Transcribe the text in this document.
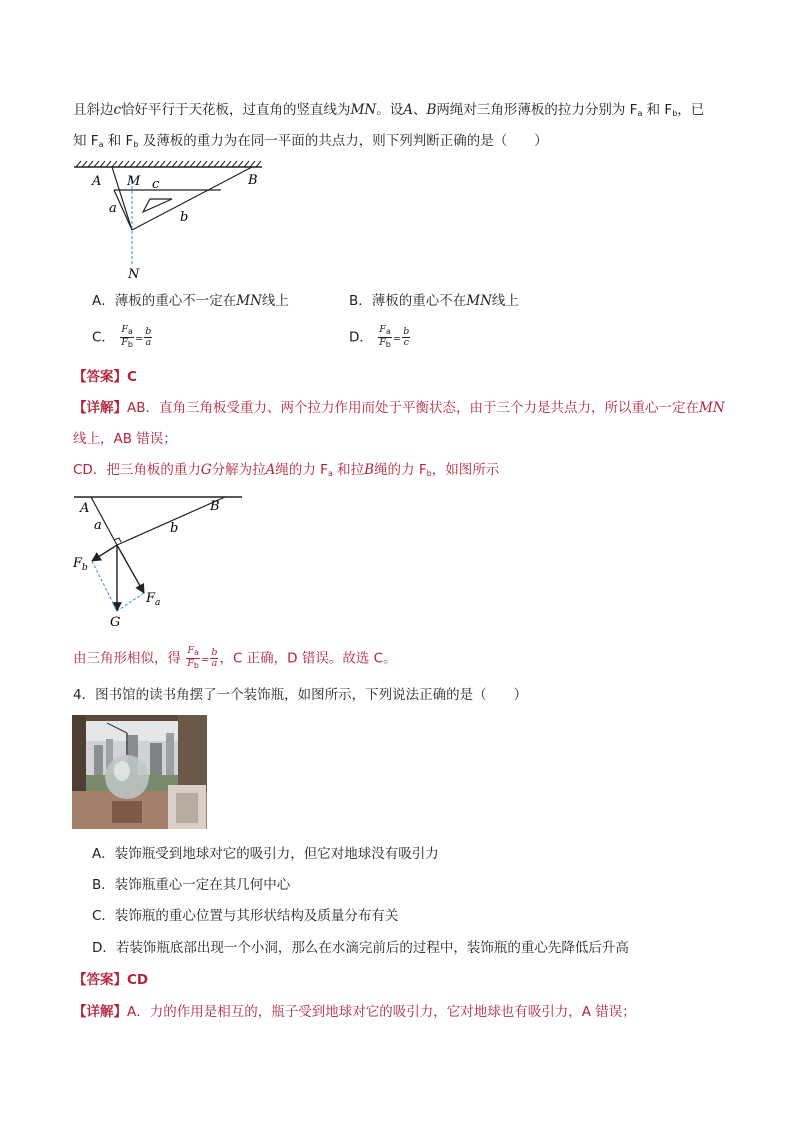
且斜边c恰好平行于天花板，过直角的竖直线为MN。设A、B两绳对三角形薄板的拉力分别为 $F_a$ 和 $F_b$，已
知 $F_a$ 和 $F_b$ 及薄板的重力为在同一平面的共点力，则下列判断正确的是（　　）
A M c	B
a
b
N
A．薄板的重心不一定在MN线上	B．薄板的重心不在MN线上
C． $\frac{F_a}{F_b} = \frac{b}{a}$	D． $\frac{F_a}{F_b} = \frac{b}{c}$
【答案】C
【详解】AB．直角三角板受重力、两个拉力作用而处于平衡状态，由于三个力是共点力，所以重心一定在MN
线上，AB 错误；
CD．把三角板的重力G分解为拉A绳的力 $F_a$ 和拉B绳的力 $F_b$，如图所示
A	B
a	b
$F_b$
$F_a$
G
由三角形相似，得 $\frac{F_a}{F_b} = \frac{b}{a}$ ，C 正确，D 错误。故选 C。
4．图书馆的读书角摆了一个装饰瓶，如图所示，下列说法正确的是（　　）
A．装饰瓶受到地球对它的吸引力，但它对地球没有吸引力
B．装饰瓶重心一定在其几何中心
C．装饰瓶的重心位置与其形状结构及质量分布有关
D．若装饰瓶底部出现一个小洞，那么在水滴完前后的过程中，装饰瓶的重心先降低后升高
【答案】CD
【详解】A．力的作用是相互的，瓶子受到地球对它的吸引力，它对地球也有吸引力，A 错误；
